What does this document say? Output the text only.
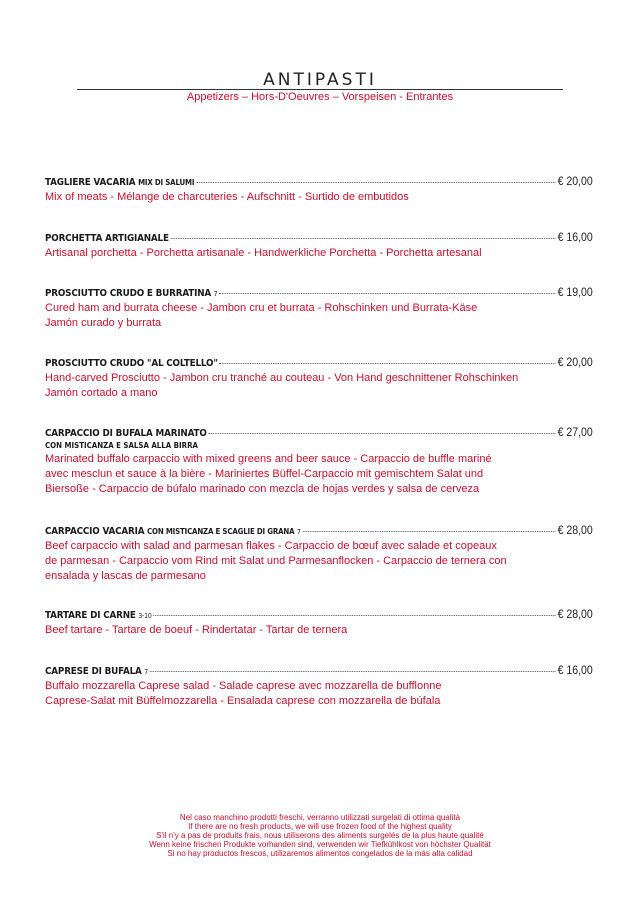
ANTIPASTI
Appetizers – Hors-D'Oeuvres – Vorspeisen - Entrantes
TAGLIERE VACARIA MIX DI SALUMI	€ 20,00
Mix of meats - Mélange de charcuteries - Aufschnitt - Surtido de embutidos
PORCHETTA ARTIGIANALE	€ 16,00
Artisanal porchetta - Porchetta artisanale - Handwerkliche Porchetta - Porchetta artesanal
PROSCIUTTO CRUDO E BURRATINA 7	€ 19,00
Cured ham and burrata cheese - Jambon cru et burrata - Rohschinken und Burrata-Käse
Jamón curado y burrata
PROSCIUTTO CRUDO "AL COLTELLO"	€ 20,00
Hand-carved Prosciutto - Jambon cru tranché au couteau - Von Hand geschnittener Rohschinken
Jamón cortado a mano
CARPACCIO DI BUFALA MARINATO	€ 27,00
CON MISTICANZA E SALSA ALLA BIRRA
Marinated buffalo carpaccio with mixed greens and beer sauce - Carpaccio de buffle mariné
avec mesclun et sauce à la bière - Mariniertes Büffel-Carpaccio mit gemischtem Salat und
Biersoße - Carpaccio de búfalo marinado con mezcla de hojas verdes y salsa de cerveza
CARPACCIO VACARIA CON MISTICANZA E SCAGLIE DI GRANA 7	€ 28,00
Beef carpaccio with salad and parmesan flakes - Carpaccio de bœuf avec salade et copeaux
de parmesan - Carpaccio vom Rind mit Salat und Parmesanflocken - Carpaccio de ternera con
ensalada y lascas de parmesano
TARTARE DI CARNE 3-10	€ 28,00
Beef tartare - Tartare de boeuf - Rindertatar - Tartar de ternera
CAPRESE DI BUFALA 7	€ 16,00
Buffalo mozzarella Caprese salad - Salade caprese avec mozzarella de bufflonne
Caprese-Salat mit Büffelmozzarella - Ensalada caprese con mozzarella de búfala
Nel caso manchino prodotti freschi, verranno utilizzati surgelati di ottima qualità
If there are no fresh products, we will use frozen food of the highest quality
S'il n'y a pas de produits frais, nous utiliserons des aliments surgelés de la plus haute qualité
Wenn keine frischen Produkte vorhanden sind, verwenden wir Tiefkühlkost von höchster Qualität
Si no hay productos frescos, utilizaremos alimentos congelados de la más alta calidad
